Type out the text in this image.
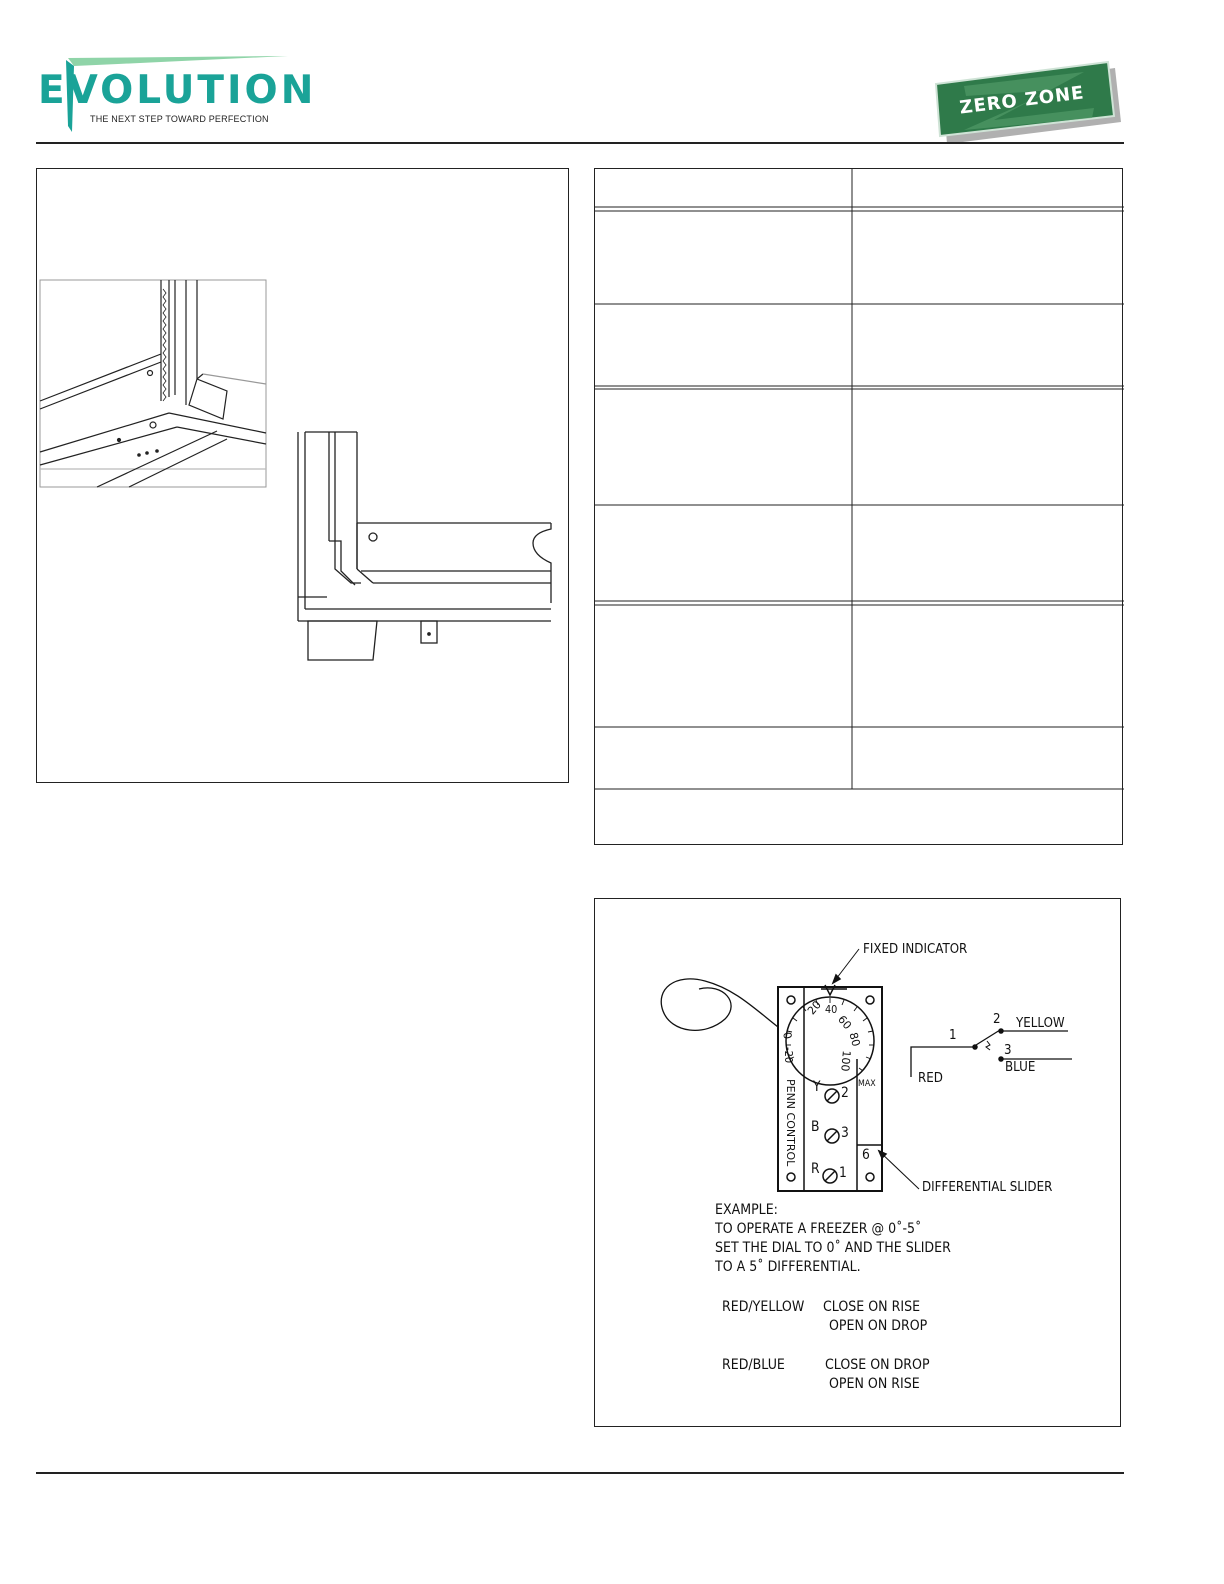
EVOLUTION
THE NEXT STEP TOWARD PERFECTION
ZERO ZONE
-20
0
20 40
60
80
100
FIXED INDICATOR
PENN CONTROL	MAX
Y 2
B 3
R 1
6
DIFFERENTIAL SLIDER
1
2
3
YELLOW
BLUE
RED
EXAMPLE:
TO OPERATE A FREEZER @ 0˚-5˚
SET THE DIAL TO 0˚ AND THE SLIDER
TO A 5˚ DIFFERENTIAL.
RED/YELLOW CLOSE ON RISE
OPEN ON DROP
RED/BLUE	CLOSE ON DROP
OPEN ON RISE
